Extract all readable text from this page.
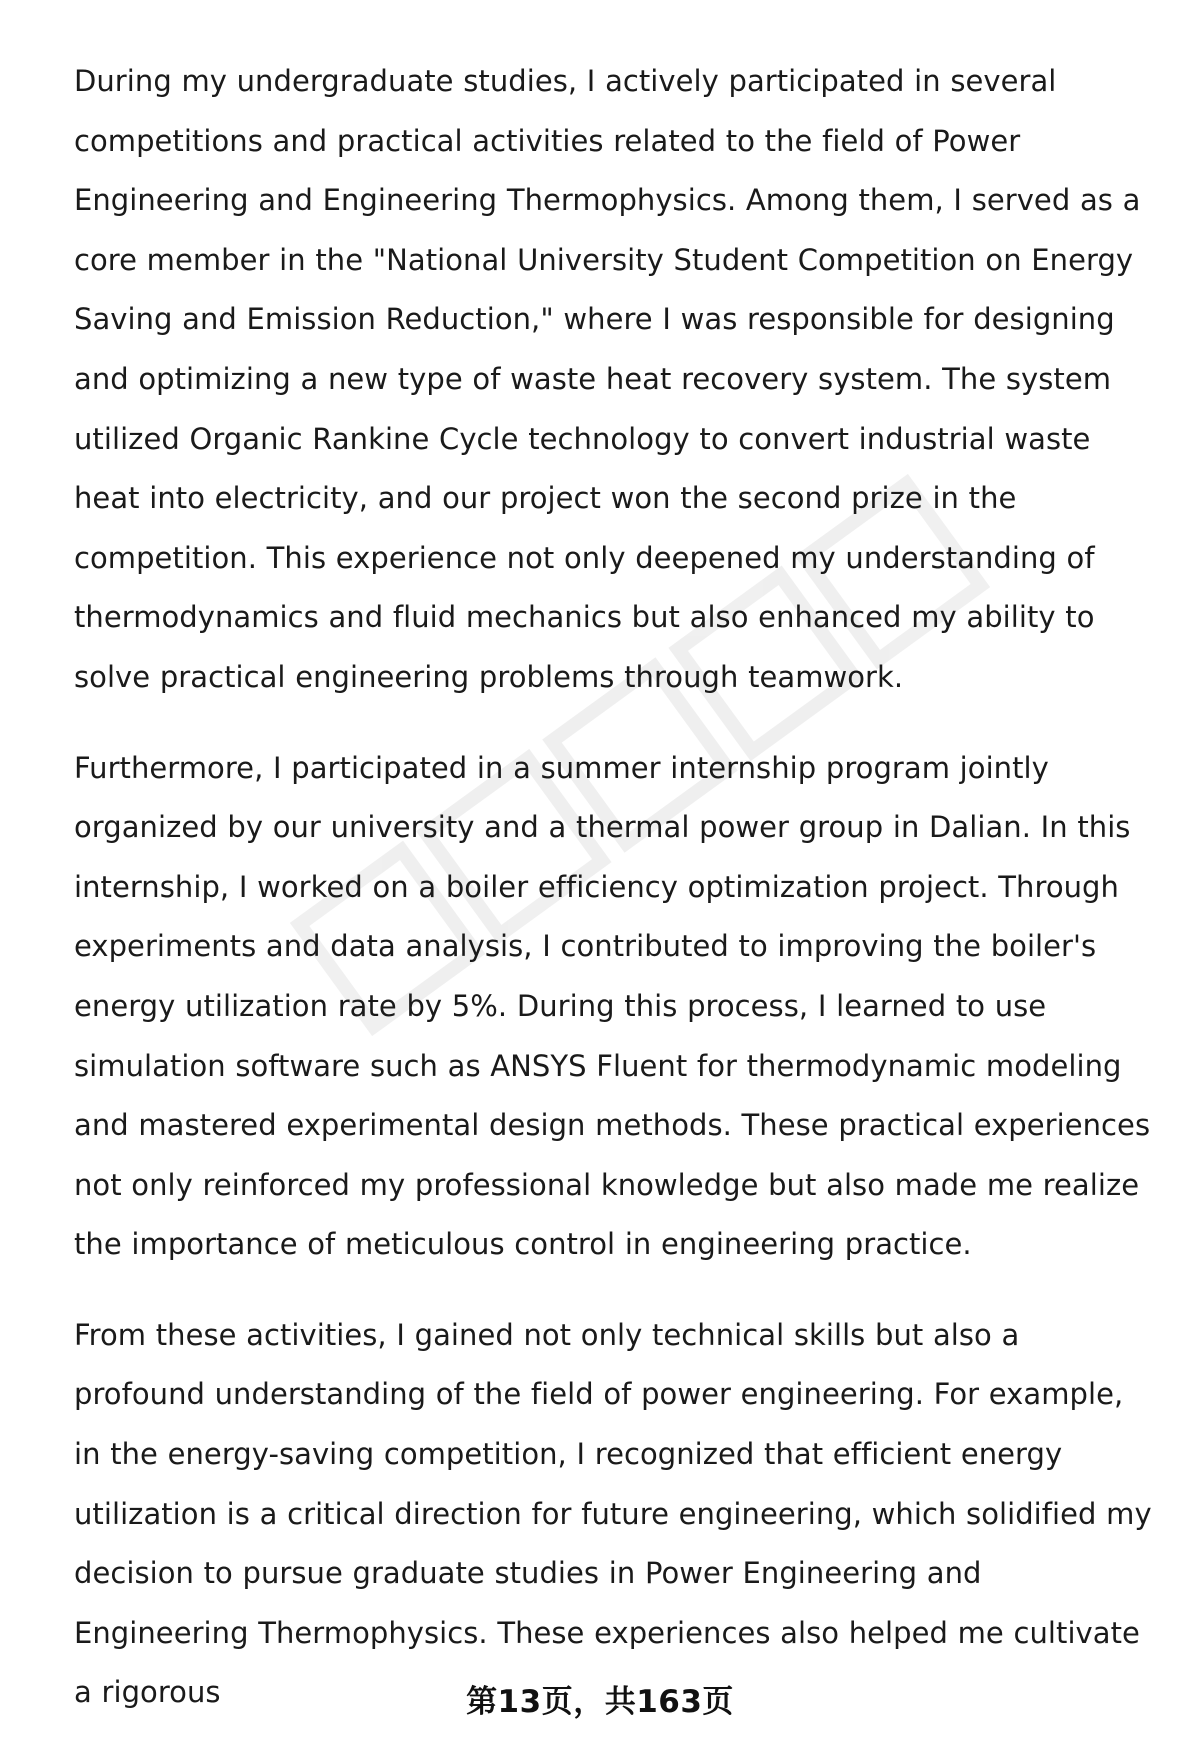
During my undergraduate studies, I actively participated in several competitions and practical activities related to the field of Power Engineering and Engineering Thermophysics. Among them, I served as a core member in the "National University Student Competition on Energy Saving and Emission Reduction," where I was responsible for designing and optimizing a new type of waste heat recovery system. The system utilized Organic Rankine Cycle technology to convert industrial waste heat into electricity, and our project won the second prize in the competition. This experience not only deepened my understanding of thermodynamics and fluid mechanics but also enhanced my ability to solve practical engineering problems through teamwork.

Furthermore, I participated in a summer internship program jointly organized by our university and a thermal power group in Dalian. In this internship, I worked on a boiler efficiency optimization project. Through experiments and data analysis, I contributed to improving the boiler's energy utilization rate by 5%. During this process, I learned to use simulation software such as ANSYS Fluent for thermodynamic modeling and mastered experimental design methods. These practical experiences not only reinforced my professional knowledge but also made me realize the importance of meticulous control in engineering practice.

From these activities, I gained not only technical skills but also a profound understanding of the field of power engineering. For example, in the energy-saving competition, I recognized that efficient energy utilization is a critical direction for future engineering, which solidified my decision to pursue graduate studies in Power Engineering and Engineering Thermophysics. These experiences also helped me cultivate a rigorous	第13页，共163页
